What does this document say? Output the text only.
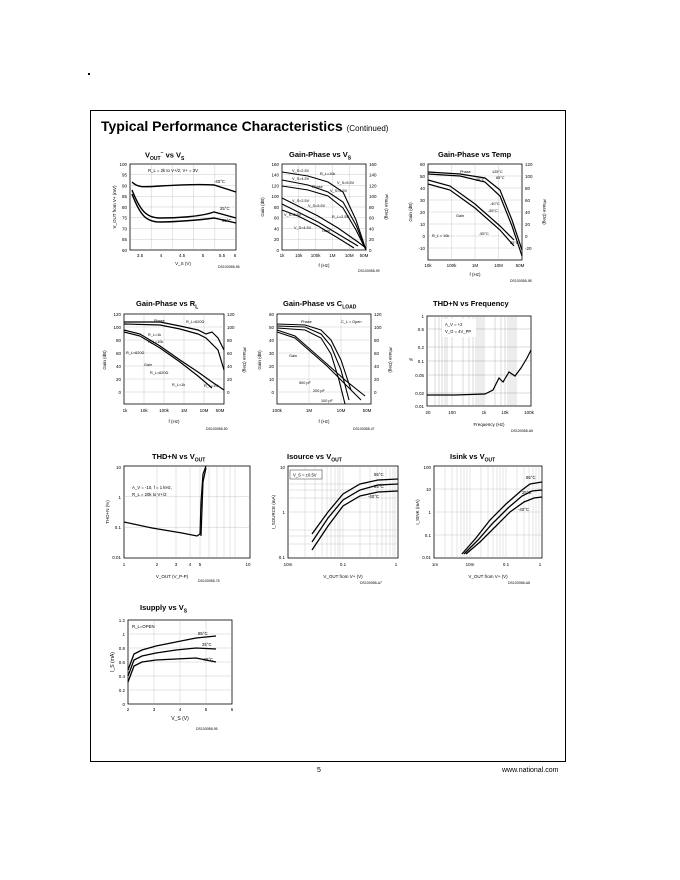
Typical Performance Characteristics (Continued)
$V_{OUT}^-$ vs $V_S$
100
95
90
85
80
75
70
65
60
3.5	4	4.5	5	5.5 6
V_S (V)
V_OUT from V+ (mV)
R_L = 2k to V+/2, V+ = 3V
-40°C
25°C
85°C
DS100058-96
Gain-Phase vs $V_S$
160
140
120
100
80
60
40
20
0
160
140
120
100
80
60
40
20
0
1k 10k 100k 1M 10M 50M
f (Hz)
Gain (dB)	Phase (Deg)
V_S=2.5V
R_L=10k
V_S=4.5V
V_S=5.5V
Phase
V_S=4.5V
V_S=2.5V
V_S=5.5V
V_S=2.5V	R_L=2.5V
V_S=4.5V
Gain
DS100058-99
Gain-Phase vs Temp
60
50
40
30
20
10
0
-10
120
100
80
60
40
20
0
-20
10k	100k	1M	10M	50M
f (Hz)
Gain (dB)	Phase (Deg)
Phase	125°C
85°C
25°C
-40°C
-55°C
Gain
R_L = 10k	-55°C
85°C
DS100058-98
Gain-Phase vs $R_L$
120
100
80
60
40
20
0
120
100
80
60
40
20
0
1k	10k	100k	1M	10M 50M
f (Hz)
Gain (dB)	Phase (Deg)
Phase	R_L=620Ω
R_L=1k
R_L=10k
R_L=620Ω
Gain
R_L=620Ω
R_L=1k	R_L=10k
DS100058-50
Gain-Phase vs $C_{LOAD}$
60
50
40
30
20
10
0
120
100
80
60
40
20
0
100k	1M	10M	50M
f (Hz)
Gain (dB)	Phase (Deg)
Phase	C_L = Open
Gain
500 pF
200 pF
100 pF
DS100058-47
THD+N vs Frequency
1
0.5
0.2
0.1
0.05
0.02
0.01
20	100	1k	10k	100k
Frequency (Hz)
%
A_V = +2
V_O = 4V_PP
DS100058-A5
THD+N vs $V_{OUT}$
10
1
0.1
0.01
1	2	3	4 5	10
V_OUT (V_P-P)
THD+N (%)
A_V = -10, f = 1 kHz,
R_L = 20k to V+/2
DS100058-76
Isource vs $V_{OUT}$
10
1
0.1
10m	0.1	1
V_OUT from V+ (V)
I_SOURCE (mA)
V_S = ±0.5V	85°C
25°C
-40°C
DS100058-A7
Isink vs $V_{OUT}$
100
10
1
0.1
0.01
1m	10m	0.1	1
V_OUT from V+ (V)
I_SINK (mA)
85°C
25°C
-40°C
DS100058-A8
Isupply vs $V_S$
1.2
1
0.8
0.6
0.4
0.2
0
2	3	4	5	6
V_S (V)
I_S (mA)
R_L=OPEN
85°C
25°C
-40°C
DS100058-95
5	www.national.com
